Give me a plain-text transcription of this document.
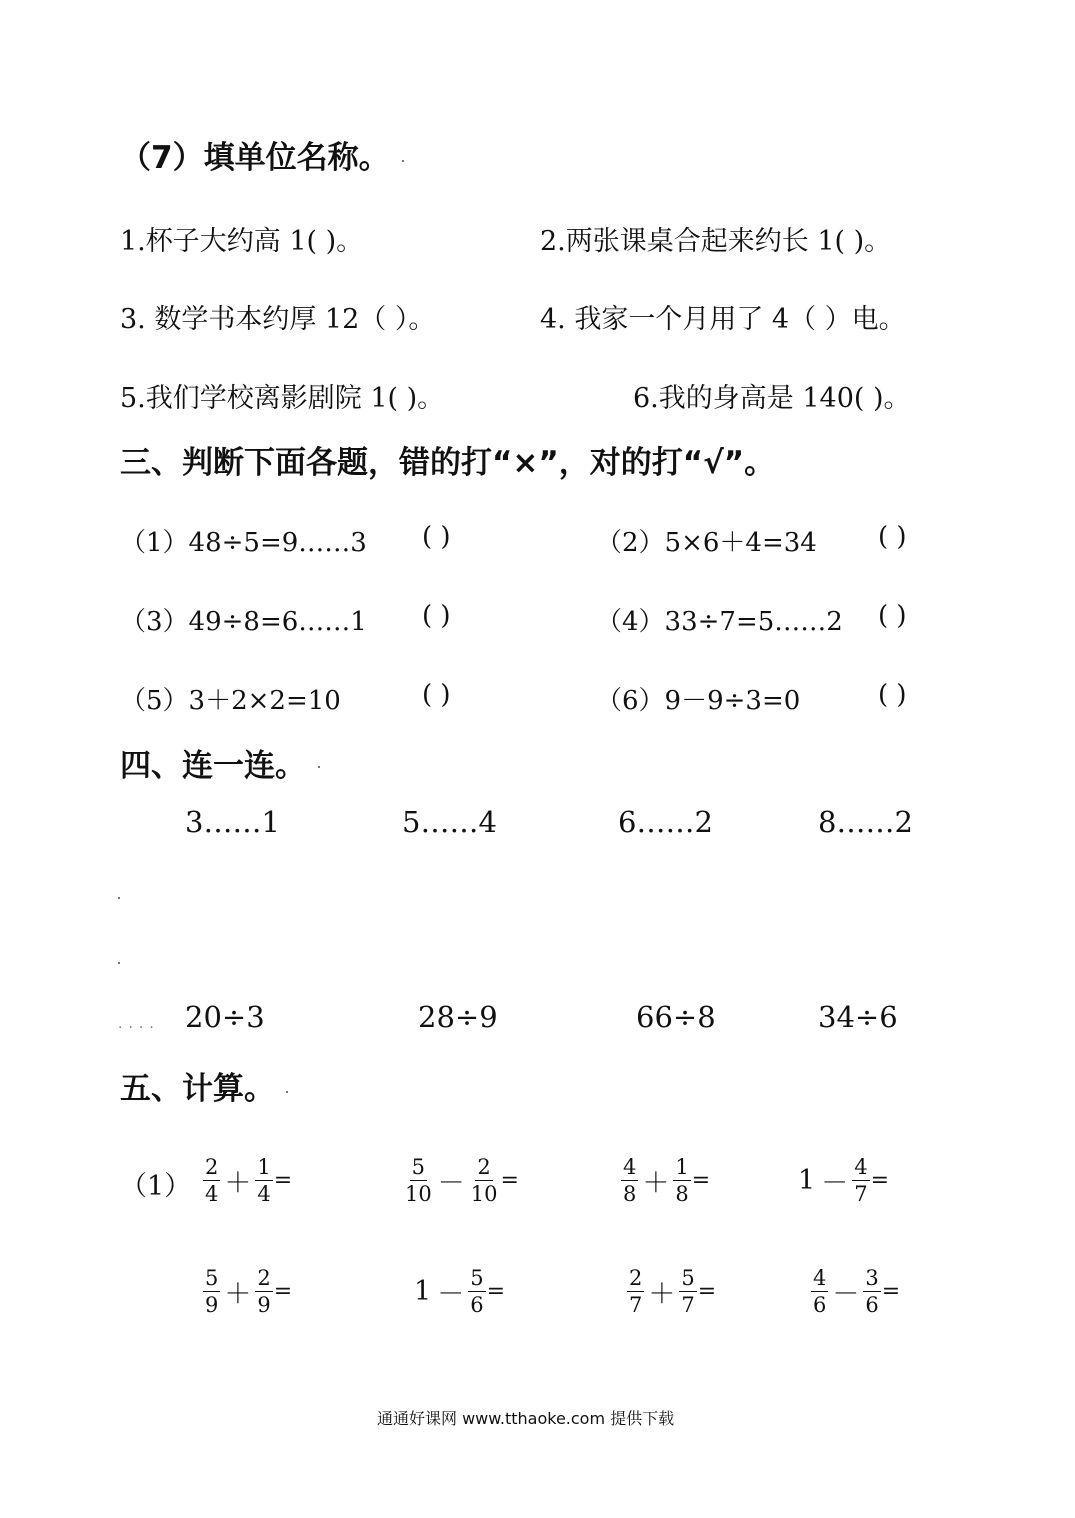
（7）填单位名称。
1.杯子大约高 1( )。	2.两张课桌合起来约长 1( )。
3. 数学书本约厚 12（ ）。	4. 我家一个月用了 4（ ）电。
5.我们学校离影剧院 1( )。	6.我的身高是 140( )。
三、判断下面各题，错的打“×”，对的打“√”。
（1）48÷5=9……3 ( )	（2）5×6＋4=34 ( )
（3）49÷8=6……1 ( )	（4）33÷7=5……2 ( )
（5）3＋2×2=10	( )	（6）9－9÷3=0	( )
四、连一连。
3……1	5……4	6……2	8……2
.... 20÷3	28÷9	66÷8	34÷6
五、计算。
$(1) \frac{2}{4} + \frac{1}{4}$ =	$\frac{5}{10} - \frac{2}{10}$ =	$\frac{4}{8} + \frac{1}{8}$ =	$1 - \frac{4}{7}$ =
$\frac{5}{9} + \frac{2}{9}$ =	$1 - \frac{5}{6}$ =	$\frac{2}{7} + \frac{5}{7}$ =	$\frac{4}{6} - \frac{3}{6}$ =
通通好课网 www.tthaoke.com 提供下载
